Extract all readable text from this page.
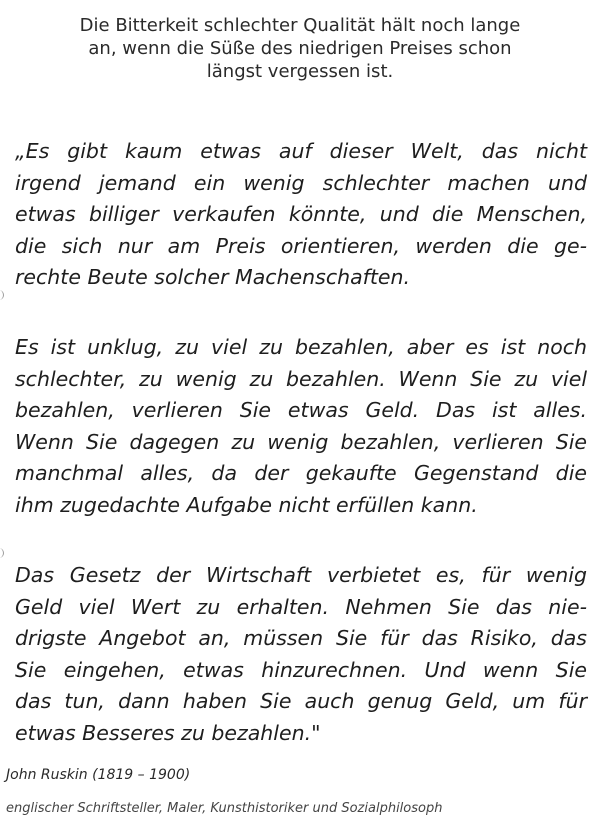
Die Bitterkeit schlechter Qualität hält noch lange
an, wenn die Süße des niedrigen Preises schon
längst vergessen ist.
„Es gibt kaum etwas auf dieser Welt, das nicht
irgend jemand ein wenig schlechter machen und
etwas billiger verkaufen könnte, und die Menschen,
die sich nur am Preis orientieren, werden die ge-
rechte Beute solcher Machenschaften.
Es ist unklug, zu viel zu bezahlen, aber es ist noch
schlechter, zu wenig zu bezahlen. Wenn Sie zu viel
bezahlen, verlieren Sie etwas Geld. Das ist alles.
Wenn Sie dagegen zu wenig bezahlen, verlieren Sie
manchmal alles, da der gekaufte Gegenstand die
ihm zugedachte Aufgabe nicht erfüllen kann.
Das Gesetz der Wirtschaft verbietet es, für wenig
Geld viel Wert zu erhalten. Nehmen Sie das nie-
drigste Angebot an, müssen Sie für das Risiko, das
Sie eingehen, etwas hinzurechnen. Und wenn Sie
das tun, dann haben Sie auch genug Geld, um für
etwas Besseres zu bezahlen."
John Ruskin (1819 – 1900)
englischer Schriftsteller, Maler, Kunsthistoriker und Sozialphilosoph
